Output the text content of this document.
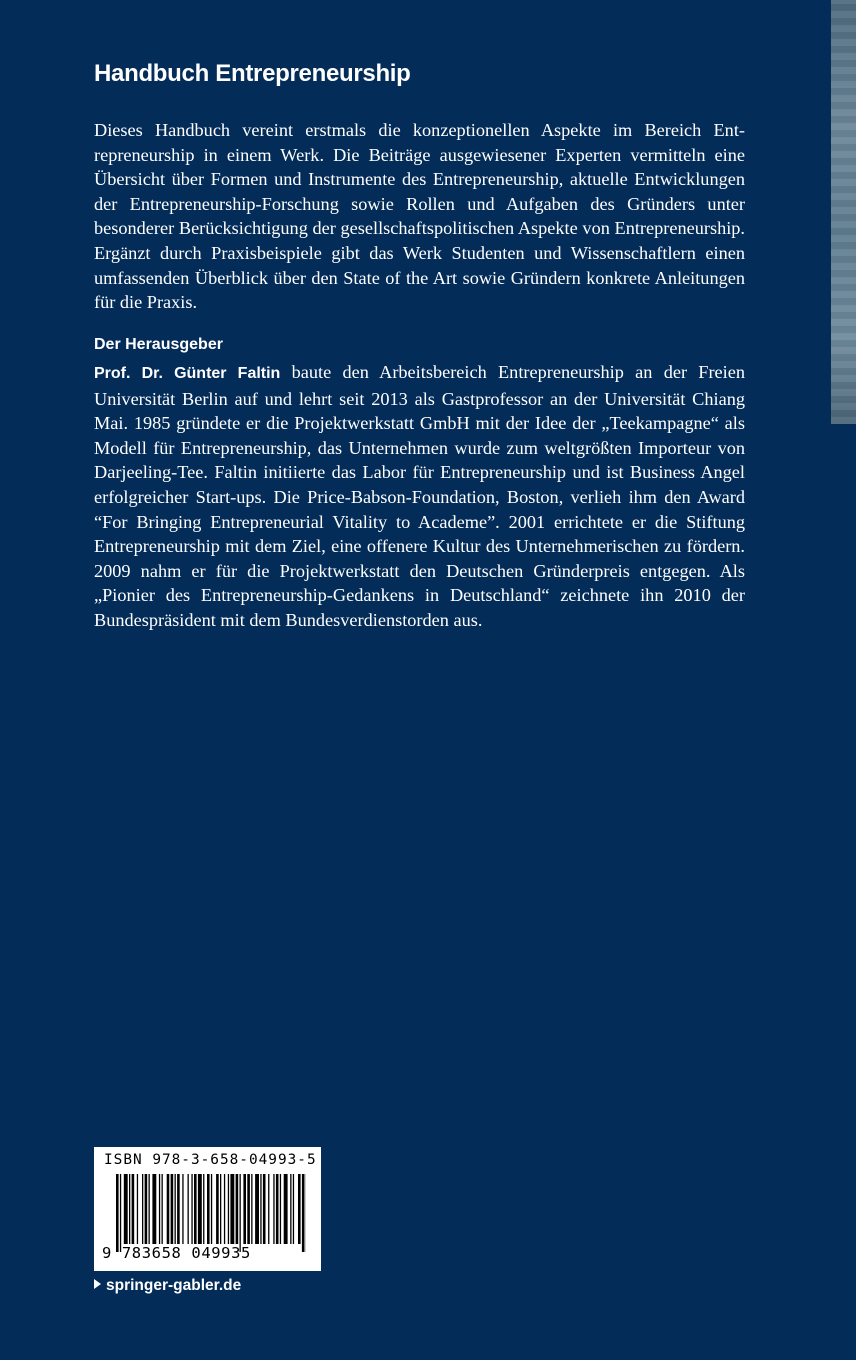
Handbuch Entrepreneurship

Dieses Handbuch vereint erstmals die konzeptionellen Aspekte im Bereich Entrepreneurship in einem Werk. Die Beiträge ausgewiesener Experten vermitteln eine Übersicht über Formen und Instrumente des Entrepreneurship, aktuelle Entwicklungen der Entrepreneurship-Forschung sowie Rollen und Aufgaben des Gründers unter besonderer Berücksichtigung der gesellschaftspolitischen Aspekte von Entrepreneurship. Ergänzt durch Praxisbeispiele gibt das Werk Studenten und Wissenschaftlern einen umfassenden Überblick über den State of the Art sowie Gründern konkrete Anleitungen für die Praxis.

Der Herausgeber

Prof. Dr. Günter Faltin baute den Arbeitsbereich Entrepreneurship an der Freien Universität Berlin auf und lehrt seit 2013 als Gastprofessor an der Universität Chiang Mai. 1985 gründete er die Projektwerkstatt GmbH mit der Idee der „Teekampagne“ als Modell für Entrepreneurship, das Unternehmen wurde zum weltgrößten Importeur von Darjeeling-Tee. Faltin initiierte das Labor für Entrepreneurship und ist Business Angel erfolgreicher Start-ups. Die Price-Babson-Foundation, Boston, verlieh ihm den Award “For Bringing Entrepreneurial Vitality to Academe”. 2001 errichtete er die Stiftung Entrepreneurship mit dem Ziel, eine offenere Kultur des Unternehmerischen zu fördern. 2009 nahm er für die Projektwerkstatt den Deutschen Gründerpreis entgegen. Als „Pionier des Entrepreneurship-Gedankens in Deutschland“ zeichnete ihn 2010 der Bundespräsident mit dem Bundesverdienstorden aus.

ISBN 978-3-658-04993-5
9 783658 049935
springer-gabler.de
